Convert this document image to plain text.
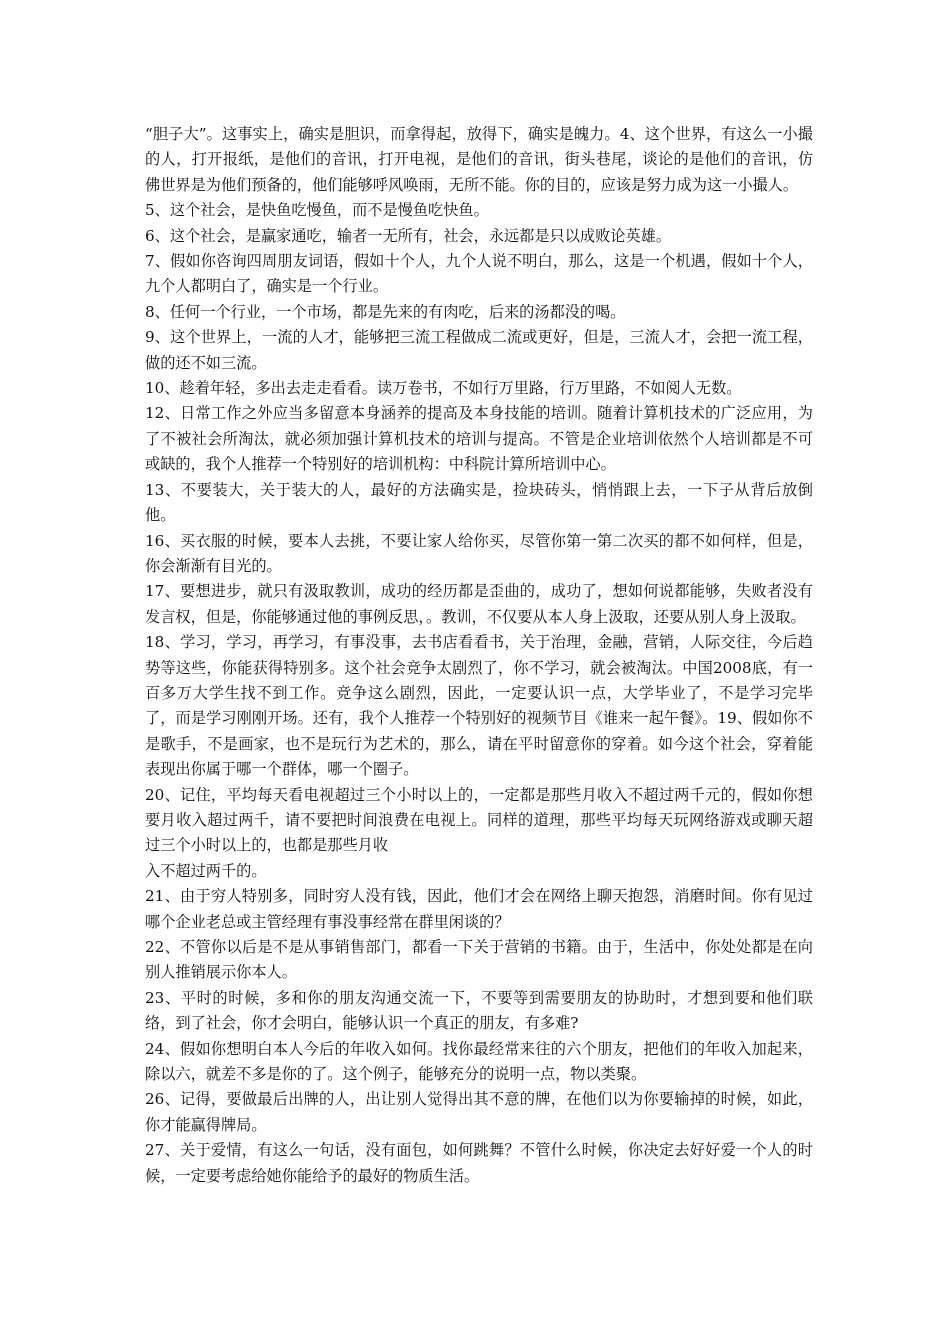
“胆子大”。这事实上，确实是胆识，而拿得起，放得下，确实是魄力。4、这个世界，有这么一小撮的人，打开报纸，是他们的音讯，打开电视，是他们的音讯，街头巷尾，谈论的是他们的音讯，仿佛世界是为他们预备的，他们能够呼风唤雨，无所不能。你的目的，应该是努力成为这一小撮人。

5、这个社会，是快鱼吃慢鱼，而不是慢鱼吃快鱼。

6、这个社会，是赢家通吃，输者一无所有，社会，永远都是只以成败论英雄。

7、假如你咨询四周朋友词语，假如十个人，九个人说不明白，那么，这是一个机遇，假如十个人，九个人都明白了，确实是一个行业。

8、任何一个行业，一个市场，都是先来的有肉吃，后来的汤都没的喝。

9、这个世界上，一流的人才，能够把三流工程做成二流或更好，但是，三流人才，会把一流工程，做的还不如三流。

10、趁着年轻，多出去走走看看。读万卷书，不如行万里路，行万里路，不如阅人无数。

12、日常工作之外应当多留意本身涵养的提高及本身技能的培训。随着计算机技术的广泛应用，为了不被社会所淘汰，就必须加强计算机技术的培训与提高。不管是企业培训依然个人培训都是不可或缺的，我个人推荐一个特别好的培训机构：中科院计算所培训中心。

13、不要装大，关于装大的人，最好的方法确实是，捡块砖头，悄悄跟上去，一下子从背后放倒他。

16、买衣服的时候，要本人去挑，不要让家人给你买，尽管你第一第二次买的都不如何样，但是，你会渐渐有目光的。

17、要想进步，就只有汲取教训，成功的经历都是歪曲的，成功了，想如何说都能够，失败者没有发言权，但是，你能够通过他的事例反思，。教训，不仅要从本人身上汲取，还要从别人身上汲取。

18、学习，学习，再学习，有事没事，去书店看看书，关于治理，金融，营销，人际交往，今后趋势等这些，你能获得特别多。这个社会竞争太剧烈了，你不学习，就会被淘汰。中国2008底，有一百多万大学生找不到工作。竞争这么剧烈，因此，一定要认识一点，大学毕业了，不是学习完毕了，而是学习刚刚开场。还有，我个人推荐一个特别好的视频节目《谁来一起午餐》。19、假如你不是歌手，不是画家，也不是玩行为艺术的，那么，请在平时留意你的穿着。如今这个社会，穿着能表现出你属于哪一个群体，哪一个圈子。

20、记住，平均每天看电视超过三个小时以上的，一定都是那些月收入不超过两千元的，假如你想要月收入超过两千，请不要把时间浪费在电视上。同样的道理，那些平均每天玩网络游戏或聊天超过三个小时以上的，也都是那些月收

入不超过两千的。

21、由于穷人特别多，同时穷人没有钱，因此，他们才会在网络上聊天抱怨，消磨时间。你有见过哪个企业老总或主管经理有事没事经常在群里闲谈的？

22、不管你以后是不是从事销售部门，都看一下关于营销的书籍。由于，生活中，你处处都是在向别人推销展示你本人。

23、平时的时候，多和你的朋友沟通交流一下，不要等到需要朋友的协助时，才想到要和他们联络，到了社会，你才会明白，能够认识一个真正的朋友，有多难?

24、假如你想明白本人今后的年收入如何。找你最经常来往的六个朋友，把他们的年收入加起来，除以六，就差不多是你的了。这个例子，能够充分的说明一点，物以类聚。

26、记得，要做最后出牌的人，出让别人觉得出其不意的牌，在他们以为你要输掉的时候，如此，你才能赢得牌局。

27、关于爱情，有这么一句话，没有面包，如何跳舞？不管什么时候，你决定去好好爱一个人的时候，一定要考虑给她你能给予的最好的物质生活。
